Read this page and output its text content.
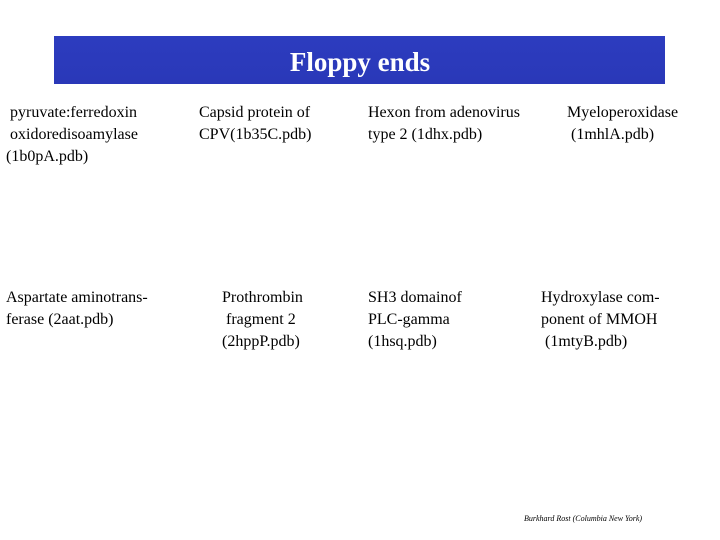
Floppy ends
pyruvate:ferredoxin
oxidoredisoamylase
(1b0pA.pdb)
Capsid protein of
CPV(1b35C.pdb)
Hexon from adenovirus
type 2 (1dhx.pdb)
Myeloperoxidase
(1mhlA.pdb)
Aspartate aminotrans-
ferase (2aat.pdb)
Prothrombin
fragment 2
(2hppP.pdb)
SH3 domainof
PLC-gamma
(1hsq.pdb)
Hydroxylase com-
ponent of MMOH
(1mtyB.pdb)
Burkhard Rost (Columbia New York)
